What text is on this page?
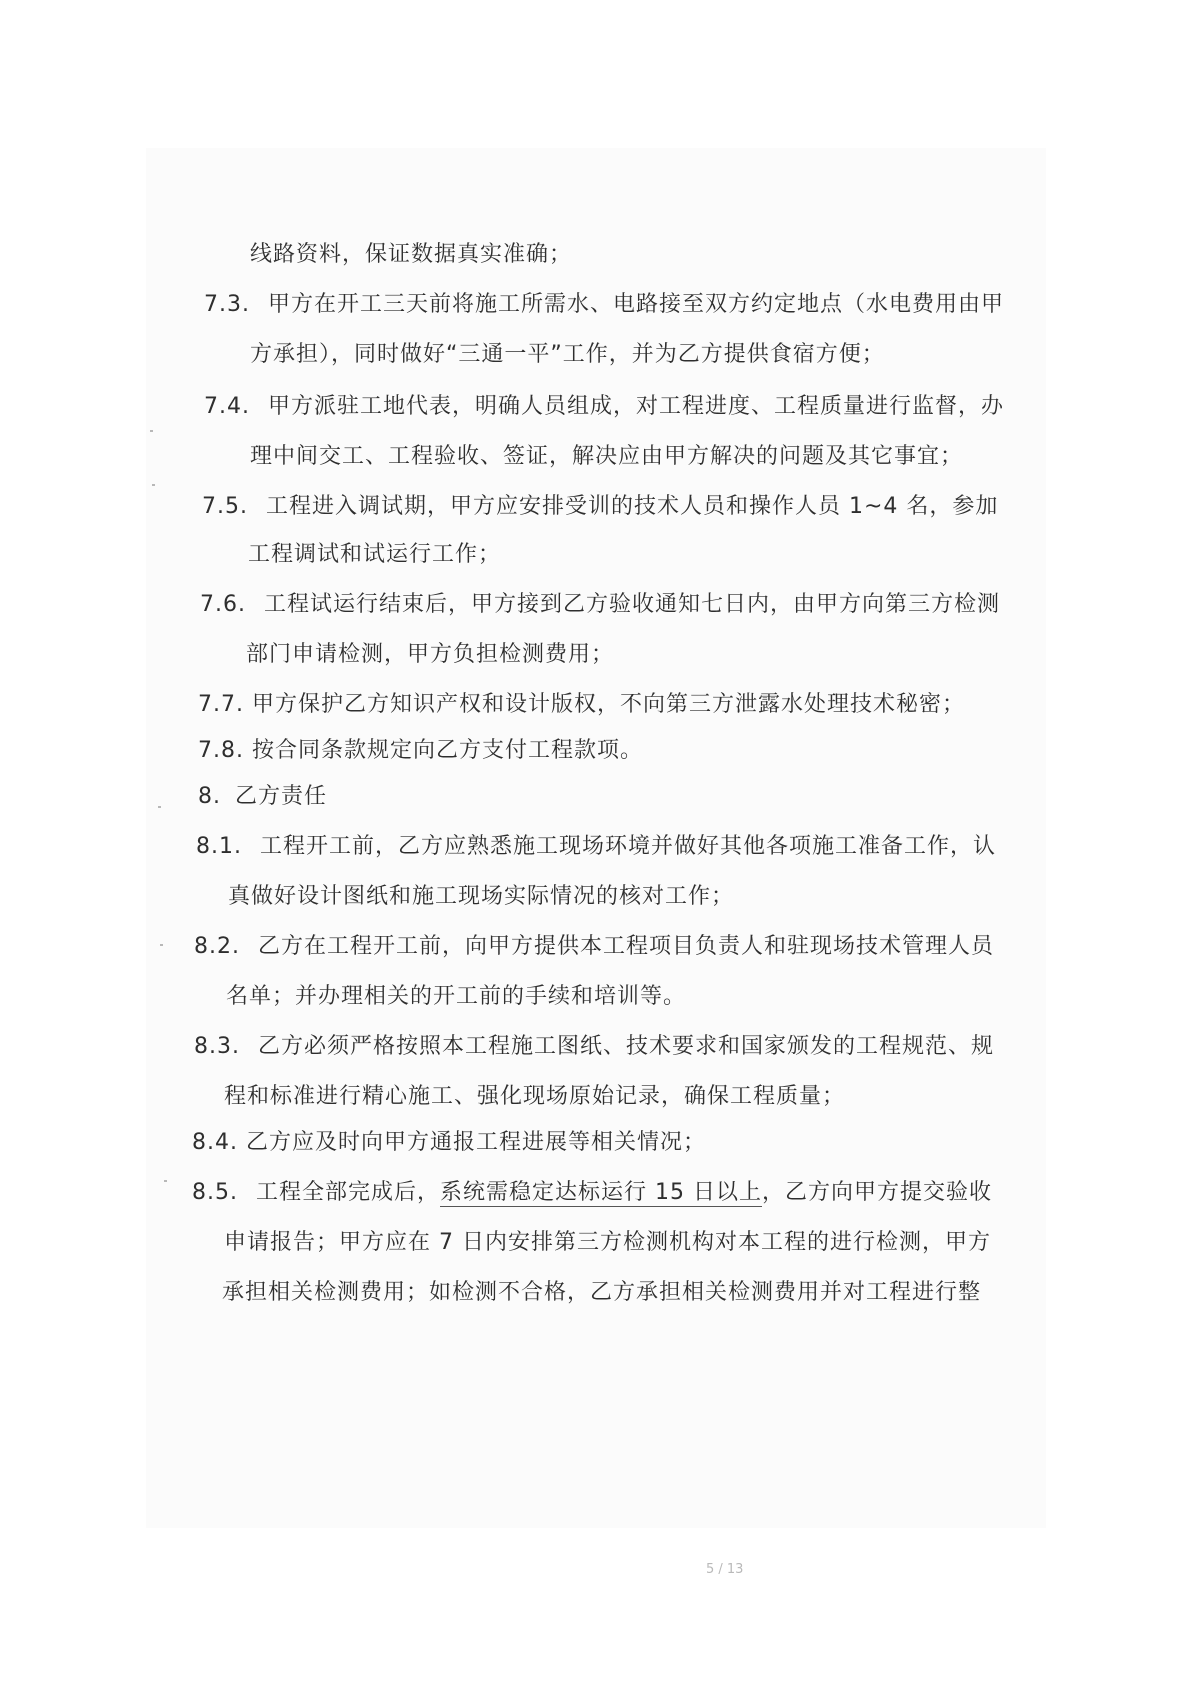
线路资料，保证数据真实准确；
7.3. 甲方在开工三天前将施工所需水、电路接至双方约定地点（水电费用由甲
方承担），同时做好“三通一平”工作，并为乙方提供食宿方便；
7.4. 甲方派驻工地代表，明确人员组成，对工程进度、工程质量进行监督，办
理中间交工、工程验收、签证，解决应由甲方解决的问题及其它事宜；
7.5. 工程进入调试期，甲方应安排受训的技术人员和操作人员 1~4 名，参加
工程调试和试运行工作；
7.6. 工程试运行结束后，甲方接到乙方验收通知七日内，由甲方向第三方检测
部门申请检测，甲方负担检测费用；
7.7. 甲方保护乙方知识产权和设计版权，不向第三方泄露水处理技术秘密；
7.8. 按合同条款规定向乙方支付工程款项。
8. 乙方责任
8.1. 工程开工前，乙方应熟悉施工现场环境并做好其他各项施工准备工作，认
真做好设计图纸和施工现场实际情况的核对工作；
8.2. 乙方在工程开工前，向甲方提供本工程项目负责人和驻现场技术管理人员
名单；并办理相关的开工前的手续和培训等。
8.3. 乙方必须严格按照本工程施工图纸、技术要求和国家颁发的工程规范、规
程和标准进行精心施工、强化现场原始记录，确保工程质量；
8.4. 乙方应及时向甲方通报工程进展等相关情况；
8.5. 工程全部完成后，系统需稳定达标运行 15 日以上，乙方向甲方提交验收
申请报告；甲方应在 7 日内安排第三方检测机构对本工程的进行检测，甲方
承担相关检测费用；如检测不合格，乙方承担相关检测费用并对工程进行整
5 / 13
